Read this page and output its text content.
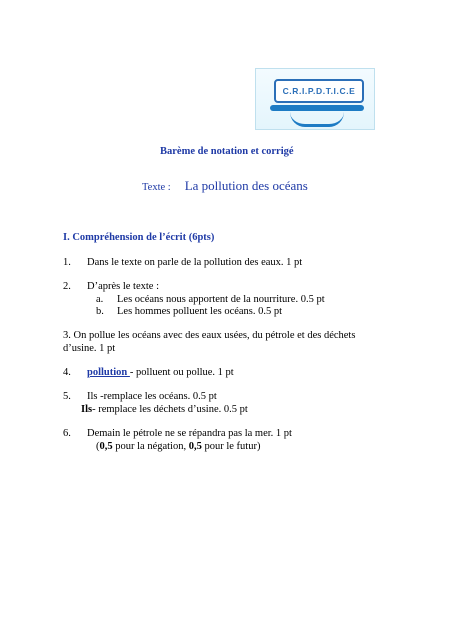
C.R.I.P.D.T.I.C.E
Barème de notation et corrigé
Texte : La pollution des océans
I. Compréhension de l’écrit (6pts)
1. Dans le texte on parle de la pollution des eaux. 1 pt
2. D’après le texte :
a. Les océans nous apportent de la nourriture. 0.5 pt
b. Les hommes polluent les océans. 0.5 pt
3. On pollue les océans avec des eaux usées, du pétrole et des déchets
d’usine. 1 pt
4. pollution - polluent ou pollue. 1 pt
5. Ils -remplace les océans. 0.5 pt
Ils- remplace les déchets d’usine. 0.5 pt
6. Demain le pétrole ne se répandra pas la mer. 1 pt
(0,5 pour la négation, 0,5 pour le futur)
